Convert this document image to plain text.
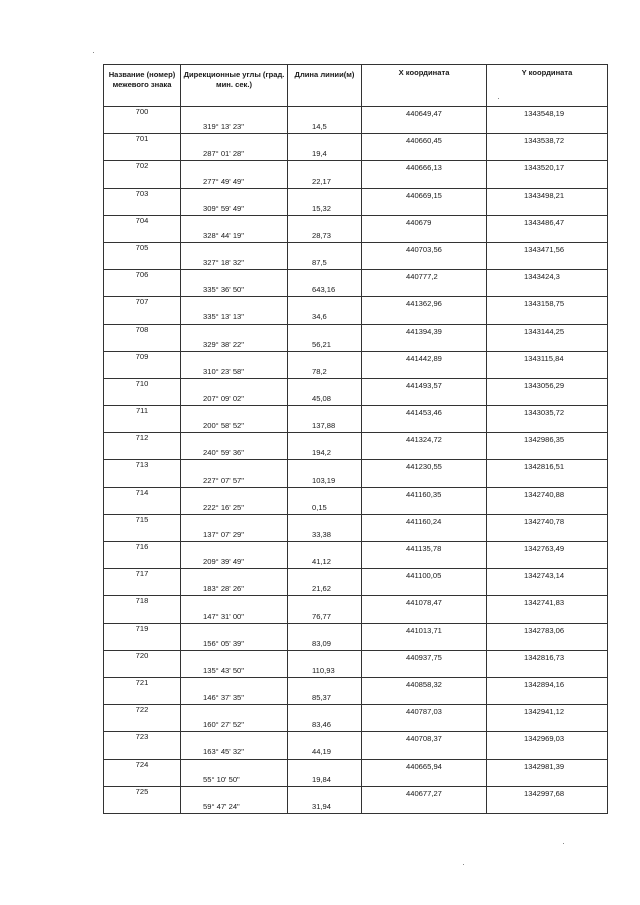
Название (номер) межевого знака	Дирекционные углы (град. мин. сек.)	Длина линии(м)	Х координата	Y координата
700	319° 13' 23"	14,5	440649,47	1343548,19

701	287° 01' 28"	19,4	440660,45	1343538,72

702	277° 49' 49"	22,17	440666,13	1343520,17

703	309° 59' 49"	15,32	440669,15	1343498,21

704	328° 44' 19"	28,73	440679	1343486,47

705	327° 18' 32"	87,5	440703,56	1343471,56

706	335° 36' 50"	643,16	440777,2	1343424,3

707	335° 13' 13"	34,6	441362,96	1343158,75

708	329° 38' 22"	56,21	441394,39	1343144,25

709	310° 23' 58"	78,2	441442,89	1343115,84

710	207° 09' 02"	45,08	441493,57	1343056,29

711	200° 58' 52"	137,88	441453,46	1343035,72

712	240° 59' 36"	194,2	441324,72	1342986,35

713	227° 07' 57"	103,19	441230,55	1342816,51

714	222° 16' 25"	0,15	441160,35	1342740,88

715	137° 07' 29"	33,38	441160,24	1342740,78

716	209° 39' 49"	41,12	441135,78	1342763,49

717	183° 28' 26"	21,62	441100,05	1342743,14

718	147° 31' 00"	76,77	441078,47	1342741,83

719	156° 05' 39"	83,09	441013,71	1342783,06

720	135° 43' 50"	110,93	440937,75	1342816,73

721	146° 37' 35"	85,37	440858,32	1342894,16

722	160° 27' 52"	83,46	440787,03	1342941,12

723	163° 45' 32"	44,19	440708,37	1342969,03

724	55° 10' 50"	19,84	440665,94	1342981,39

725	59° 47' 24"	31,94	440677,27	1342997,68
